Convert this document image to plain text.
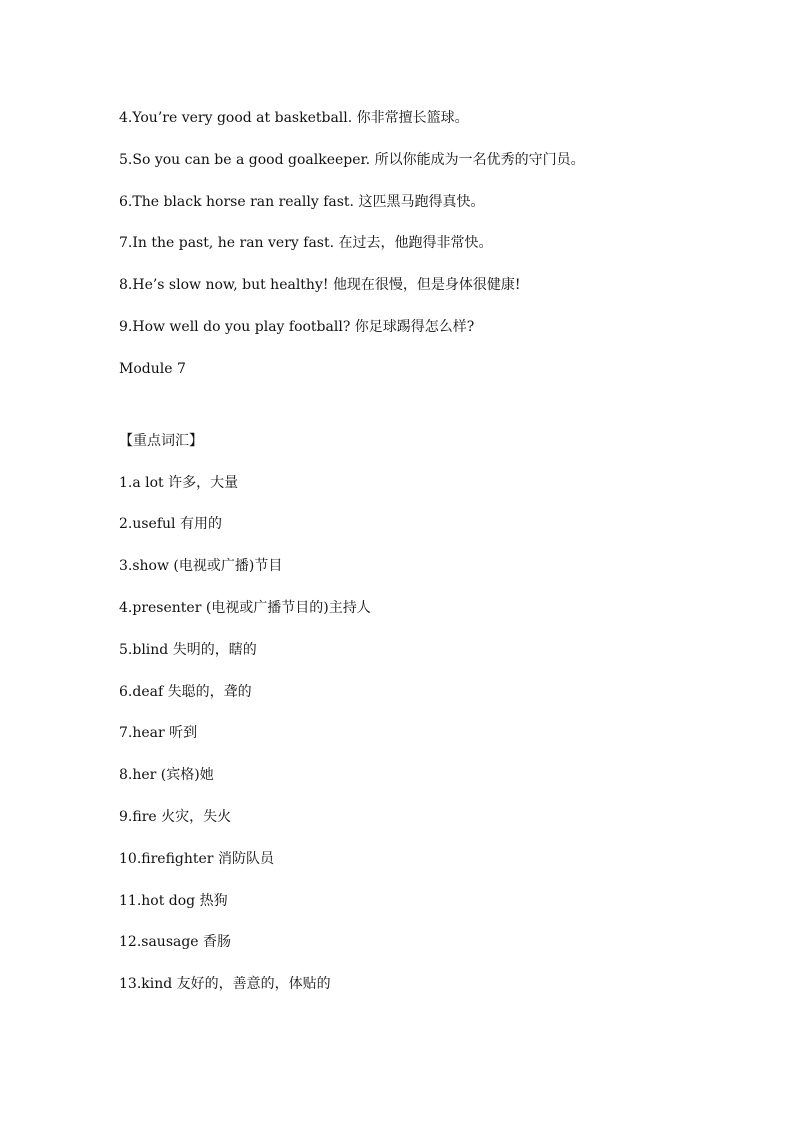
4.You’re very good at basketball. 你非常擅长篮球。
5.So you can be a good goalkeeper. 所以你能成为一名优秀的守门员。
6.The black horse ran really fast. 这匹黑马跑得真快。
7.In the past, he ran very fast. 在过去，他跑得非常快。
8.He’s slow now, but healthy! 他现在很慢，但是身体很健康!
9.How well do you play football? 你足球踢得怎么样?
Module 7
【重点词汇】
1.a lot 许多，大量
2.useful 有用的
3.show (电视或广播)节目
4.presenter (电视或广播节目的)主持人
5.blind 失明的，瞎的
6.deaf 失聪的，聋的
7.hear 听到
8.her (宾格)她
9.fire 火灾，失火
10.firefighter 消防队员
11.hot dog 热狗
12.sausage 香肠
13.kind 友好的，善意的，体贴的
